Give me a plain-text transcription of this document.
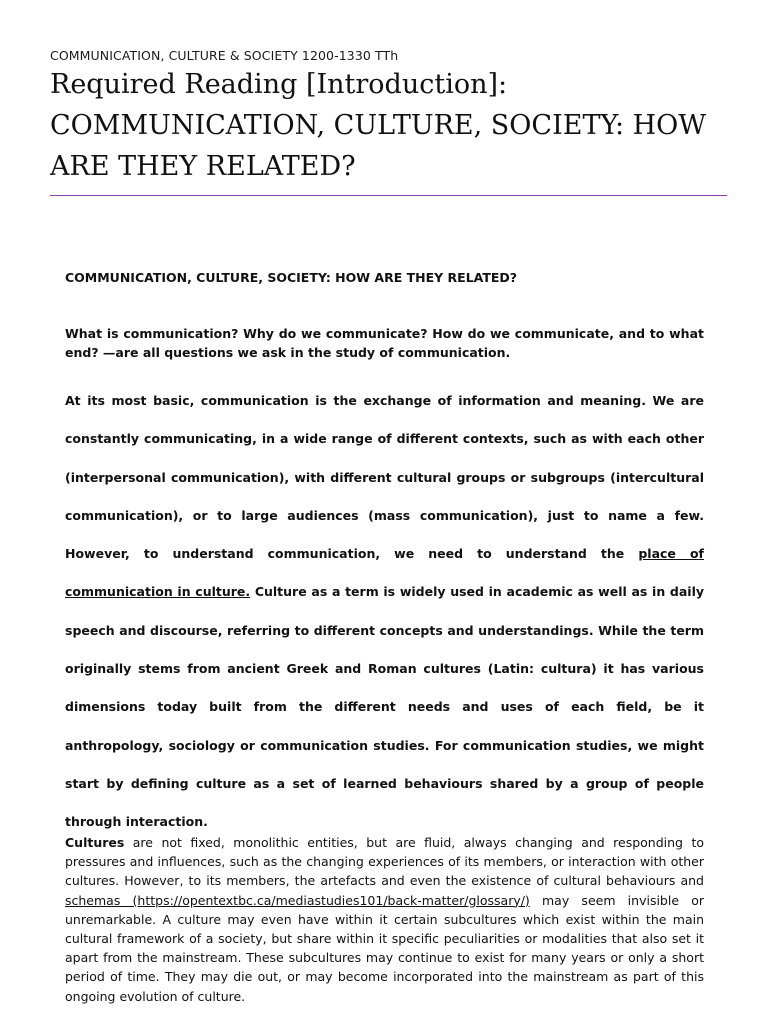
COMMUNICATION, CULTURE & SOCIETY 1200-1330 TTh
Required Reading [Introduction]: COMMUNICATION, CULTURE, SOCIETY: HOW ARE THEY RELATED?
COMMUNICATION, CULTURE, SOCIETY: HOW ARE THEY RELATED?

What is communication? Why do we communicate? How do we communicate, and to what end? —are all questions we ask in the study of communication.

At its most basic, communication is the exchange of information and meaning. We are constantly communicating, in a wide range of different contexts, such as with each other (interpersonal communication), with different cultural groups or subgroups (intercultural communication), or to large audiences (mass communication), just to name a few. However, to understand communication, we need to understand the place of communication in culture. Culture as a term is widely used in academic as well as in daily speech and discourse, referring to different concepts and understandings. While the term originally stems from ancient Greek and Roman cultures (Latin: cultura) it has various dimensions today built from the different needs and uses of each field, be it anthropology, sociology or communication studies. For communication studies, we might start by defining culture as a set of learned behaviours shared by a group of people through interaction.

Cultures are not fixed, monolithic entities, but are fluid, always changing and responding to pressures and influences, such as the changing experiences of its members, or interaction with other cultures. However, to its members, the artefacts and even the existence of cultural behaviours and schemas (https://opentextbc.ca/mediastudies101/back-matter/glossary/) may seem invisible or unremarkable. A culture may even have within it certain subcultures which exist within the main cultural framework of a society, but share within it specific peculiarities or modalities that also set it apart from the mainstream. These subcultures may continue to exist for many years or only a short period of time. They may die out, or may become incorporated into the mainstream as part of this ongoing evolution of culture.
